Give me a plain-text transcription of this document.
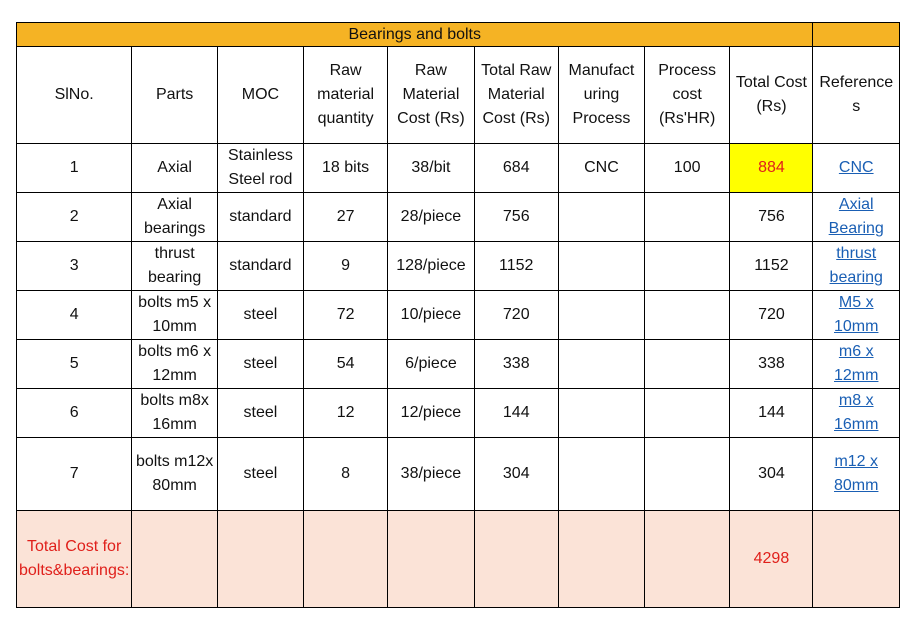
Bearings and bolts									
SlNo.	Parts	MOC	Raw material quantity	Raw Material Cost (Rs)	Total Raw Material Cost (Rs)	Manufact uring Process	Process cost (Rs'HR)	Total Cost (Rs)	Reference s
1	Axial	Stainless Steel rod	18 bits	38/bit	684	CNC	100	884	CNC
2	Axial bearings	standard	27	28/piece	756			756	Axial Bearing
3	thrust bearing	standard	9	128/piece	1152			1152	thrust bearing
4	bolts m5 x 10mm	steel	72	10/piece	720			720	M5 x 10mm
5	bolts m6 x 12mm	steel	54	6/piece	338			338	m6 x 12mm
6	bolts m8x 16mm	steel	12	12/piece	144			144	m8 x 16mm
7	bolts m12x 80mm	steel	8	38/piece	304			304	m12 x 80mm
Total Cost for bolts&bearings:								4298	
